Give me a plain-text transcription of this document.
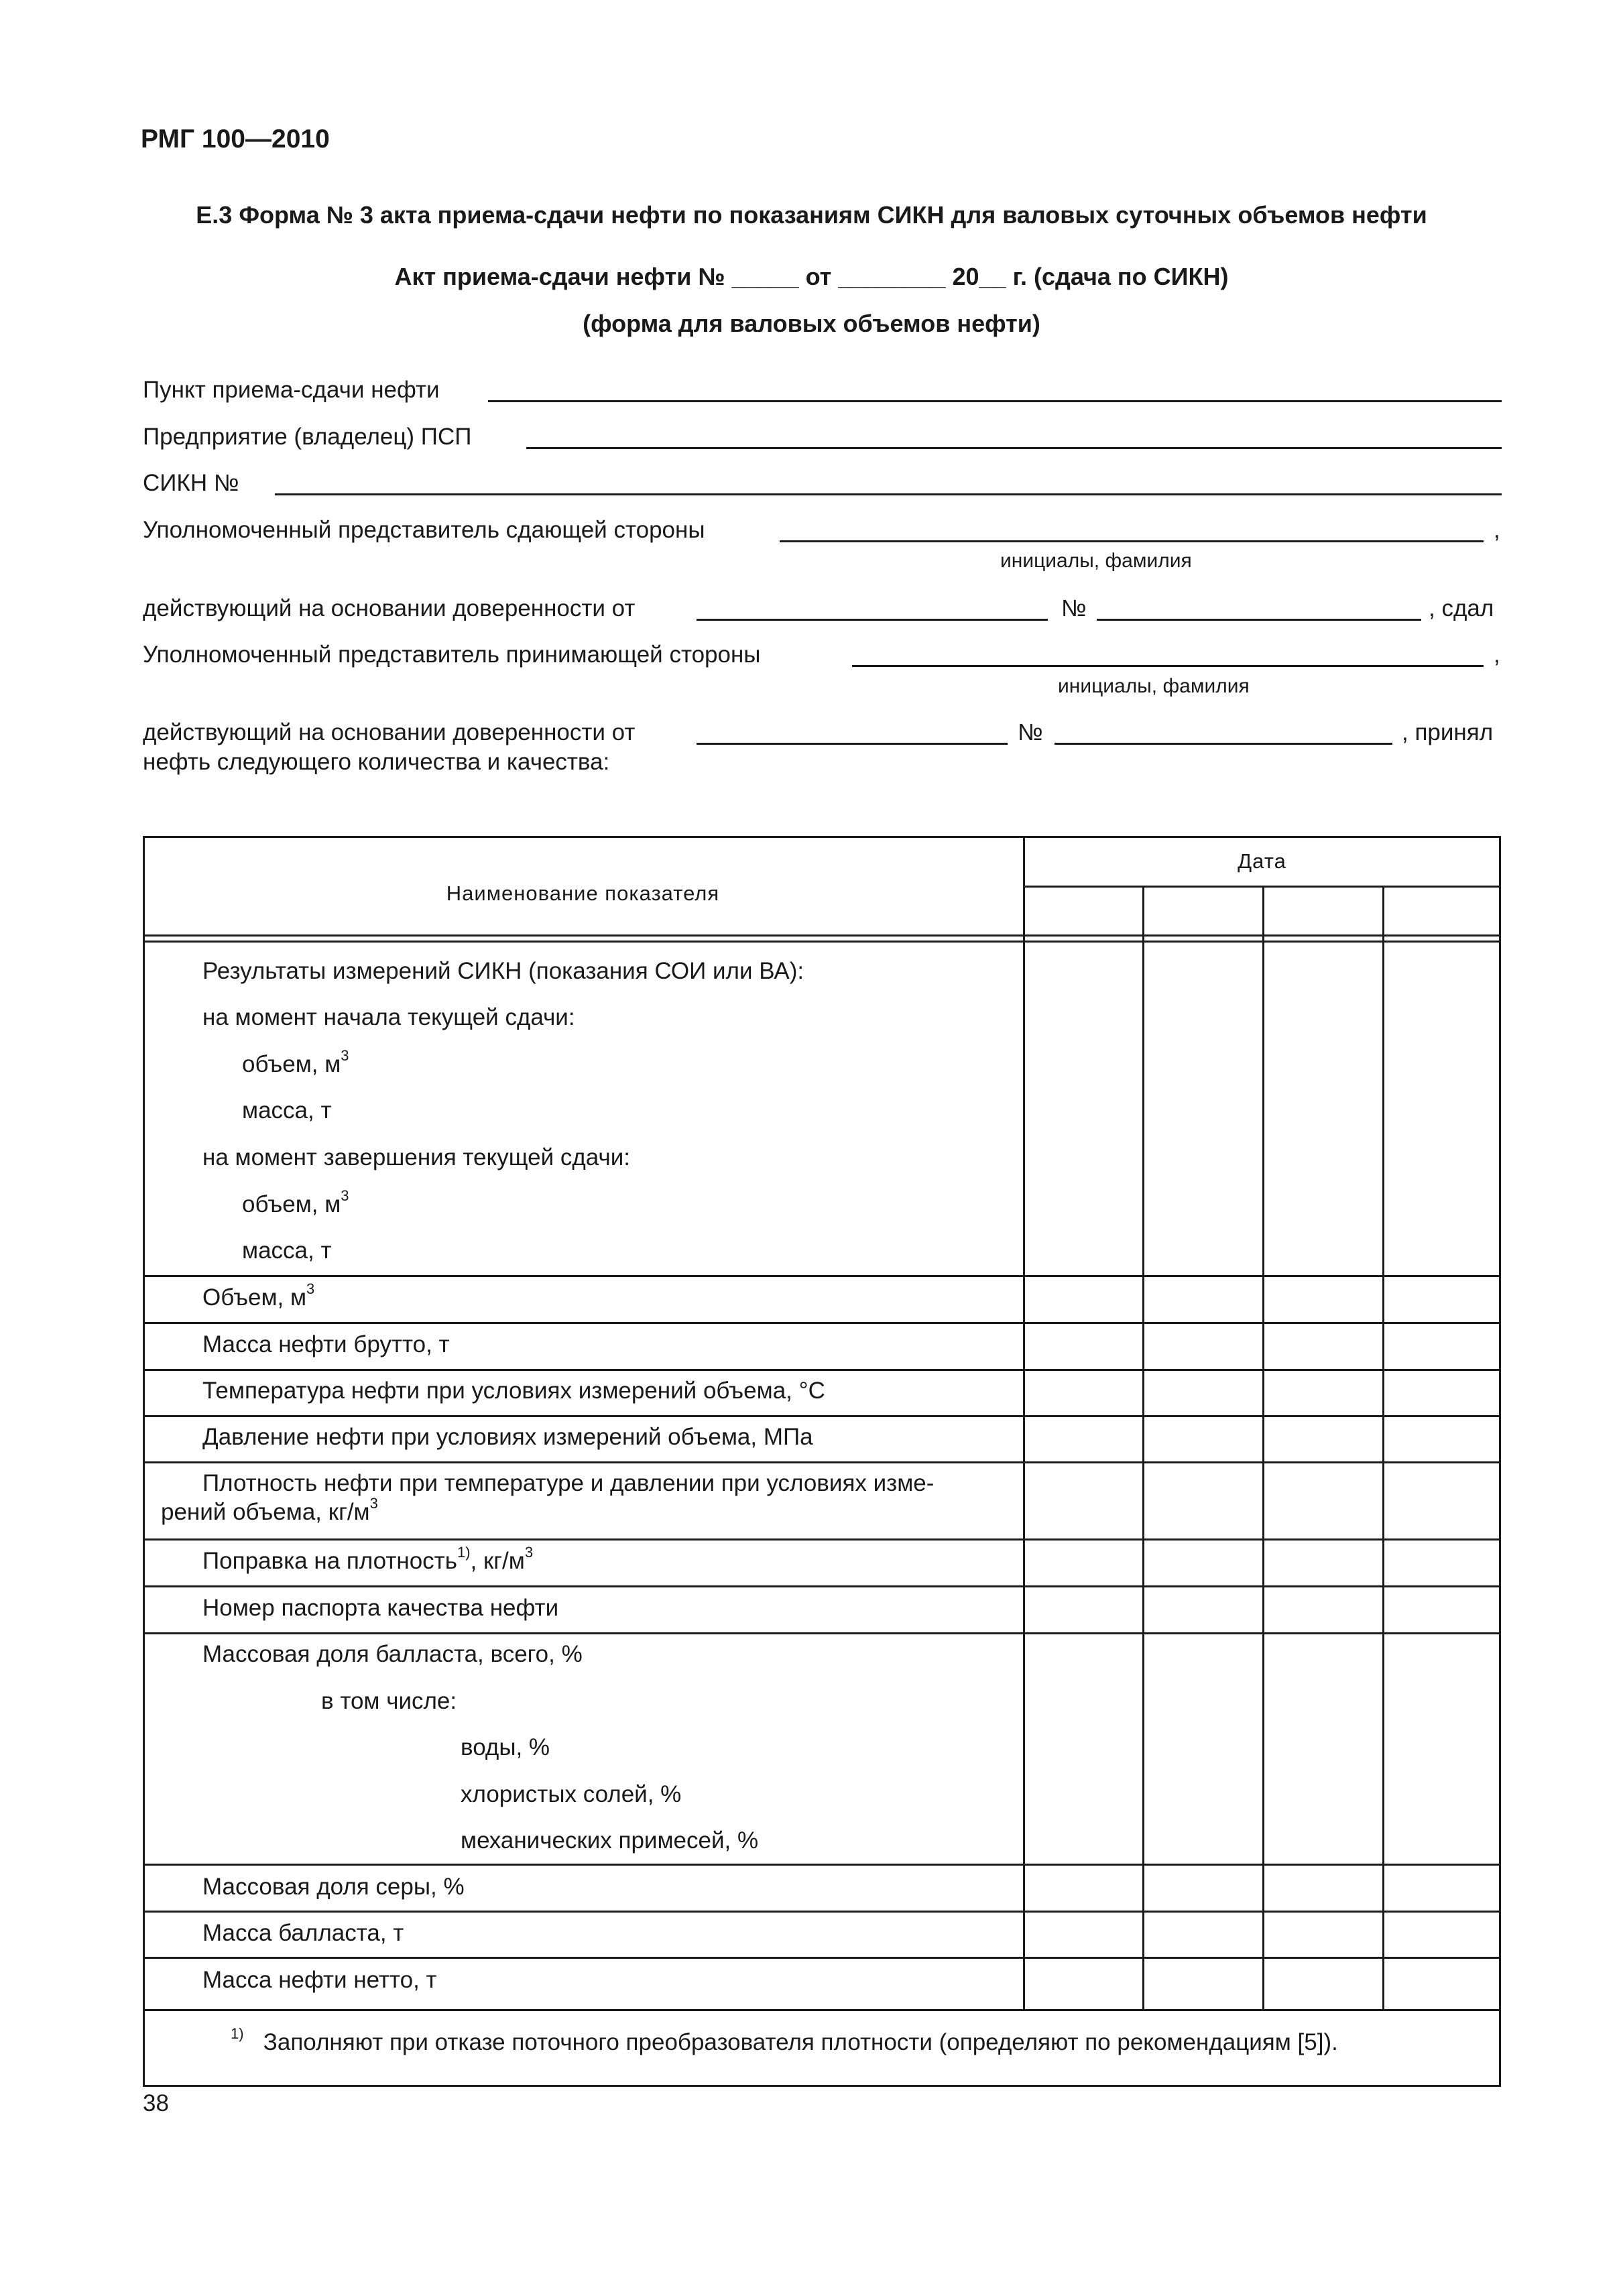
РМГ 100—2010
Е.3 Форма № 3 акта приема-сдачи нефти по показаниям СИКН для валовых суточных объемов нефти
Акт приема-сдачи нефти № _____ от ________ 20__ г. (сдача по СИКН)
(форма для валовых объемов нефти)
Пункт приема-сдачи нефти
Предприятие (владелец) ПСП
СИКН №
Уполномоченный представитель сдающей стороны	,
инициалы, фамилия
действующий на основании доверенности от	№	, сдал
Уполномоченный представитель принимающей стороны	,
инициалы, фамилия
действующий на основании доверенности от	№	, принял
нефть следующего количества и качества:
Наименование показателя
Дата
Результаты измерений СИКН (показания СОИ или ВА):
на момент начала текущей сдачи:
объем, $м^3$
масса, т
на момент завершения текущей сдачи:
объем, $м^3$
масса, т
Объем, $м^3$
Масса нефти брутто, т
Температура нефти при условиях измерений объема, °С
Давление нефти при условиях измерений объема, МПа
Плотность нефти при температуре и давлении при условиях изме-
рений объема, $кг/м^3$
Поправка на плотность$^{1)}$, $кг/м^3$
Номер паспорта качества нефти
Массовая доля балласта, всего, %
в том числе:
воды, %
хлористых солей, %
механических примесей, %
Массовая доля серы, %
Масса балласта, т
Масса нефти нетто, т
$^{1)}$ Заполняют при отказе поточного преобразователя плотности (определяют по рекомендациям [5]).
38
